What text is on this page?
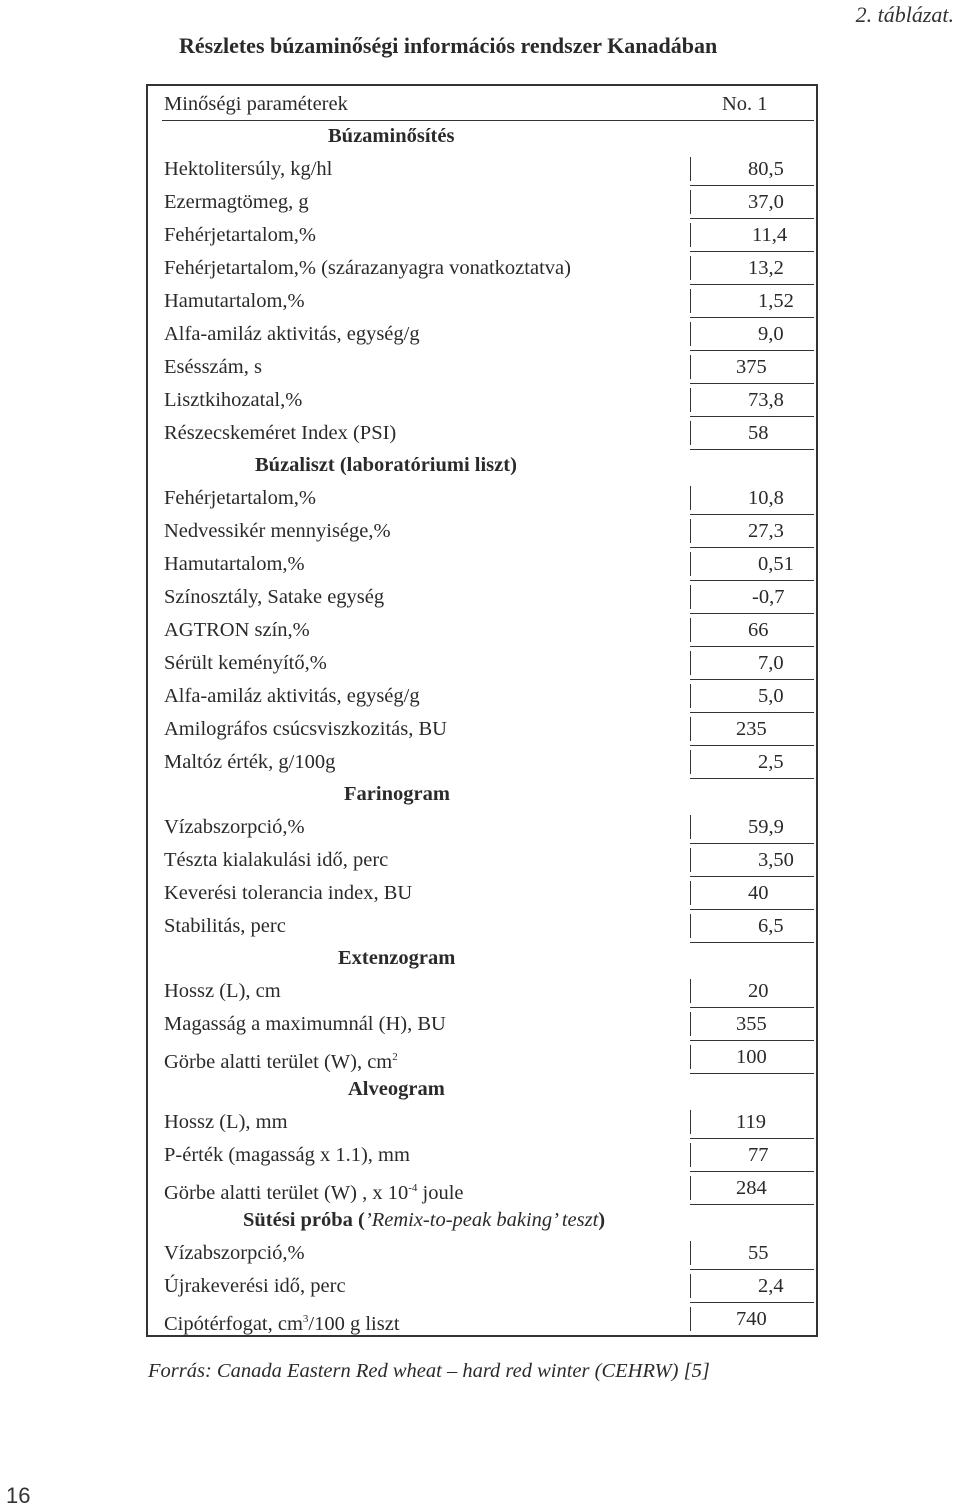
2. táblázat.
Részletes búzaminőségi információs rendszer Kanadában
Minőségi paraméterek	No. 1
Búzaminősítés
Hektolitersúly, kg/hl	80,5
Ezermagtömeg, g	37,0
Fehérjetartalom,%	11,4
Fehérjetartalom,% (szárazanyagra vonatkoztatva)	13,2
Hamutartalom,%	1,52
Alfa-amiláz aktivitás, egység/g	9,0
Esésszám, s	375
Lisztkihozatal,%	73,8
Részecskeméret Index (PSI)	58
Búzaliszt (laboratóriumi liszt)
Fehérjetartalom,%	10,8
Nedvessikér mennyisége,%	27,3
Hamutartalom,%	0,51
Színosztály, Satake egység	-0,7
AGTRON szín,%	66
Sérült keményítő,%	7,0
Alfa-amiláz aktivitás, egység/g	5,0
Amilográfos csúcsviszkozitás, BU	235
Maltóz érték, g/100g	2,5
Farinogram
Vízabszorpció,%	59,9
Tészta kialakulási idő, perc	3,50
Keverési tolerancia index, BU	40
Stabilitás, perc	6,5
Extenzogram
Hossz (L), cm	20
Magasság a maximumnál (H), BU	355
Görbe alatti terület (W), $cm^2$	100
Alveogram
Hossz (L), mm	119
P-érték (magasság x 1.1), mm	77
Görbe alatti terület (W) , x $10^{-4}$ joule	284
Sütési próba (’Remix-to-peak baking’ teszt)
Vízabszorpció,%	55
Újrakeverési idő, perc	2,4
Cipótérfogat, $cm^3/100$ g liszt	740
Forrás: Canada Eastern Red wheat – hard red winter (CEHRW) [5]
16
